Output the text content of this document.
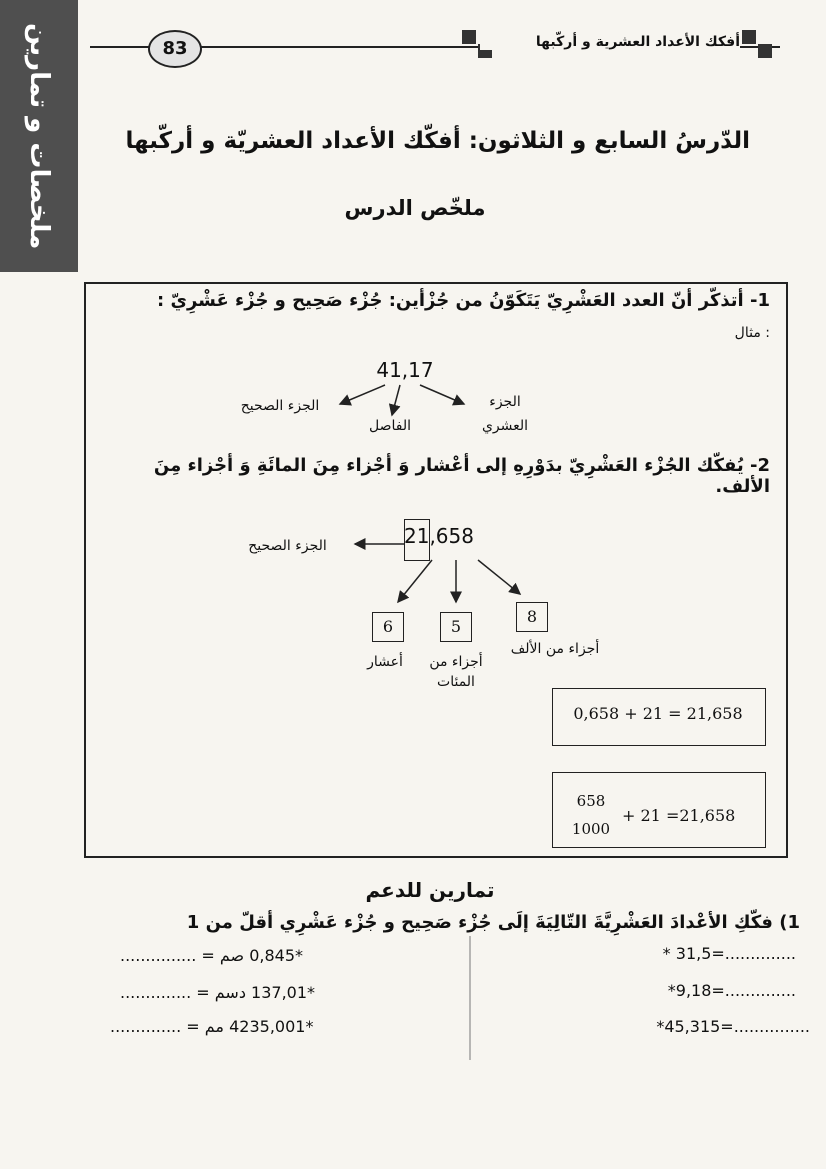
ملخصات و تمارين	أفكك الأعداد العشرية و أركّبها
83
الدّرسُ السابع و الثلاثون: أفكّك الأعداد العشريّة و أركّبها
ملخّص الدرس
1- أتذكّر أنّ العدد العَشْرِيّ يَتَكَوّنُ من جُزْأين: جُزْء صَحِيح و جُزْء عَشْرِيّ :
مثال :
41,17
الجزء الصحيح
الفاصل
الجزء
العشري
2- يُفكّك الجُزْء العَشْرِيّ بدَوْرِهِ إلى أعْشار وَ أجْزاء مِنَ المائَةِ وَ أجْزاء مِنَ الألف.
21,658
الجزء الصحيح
6	5
8
أعشار	أجزاء من
المئات
أجزاء من الألف
0,658 + 21 = 21,658
658
1000
+ 21 =21,658
تمارين للدعم
1) فكّكِ الأعْدادَ العَشْرِيَّةَ التّالِيَةَ إلَى جُزْء صَحِيح و جُزْء عَشْرِي أقلّ من 1
* 31,5=..............
*9,18=..............
*45,315=...............
*0,845 صم = ...............
*137,01 دسم = ..............
*4235,001 مم = ..............
